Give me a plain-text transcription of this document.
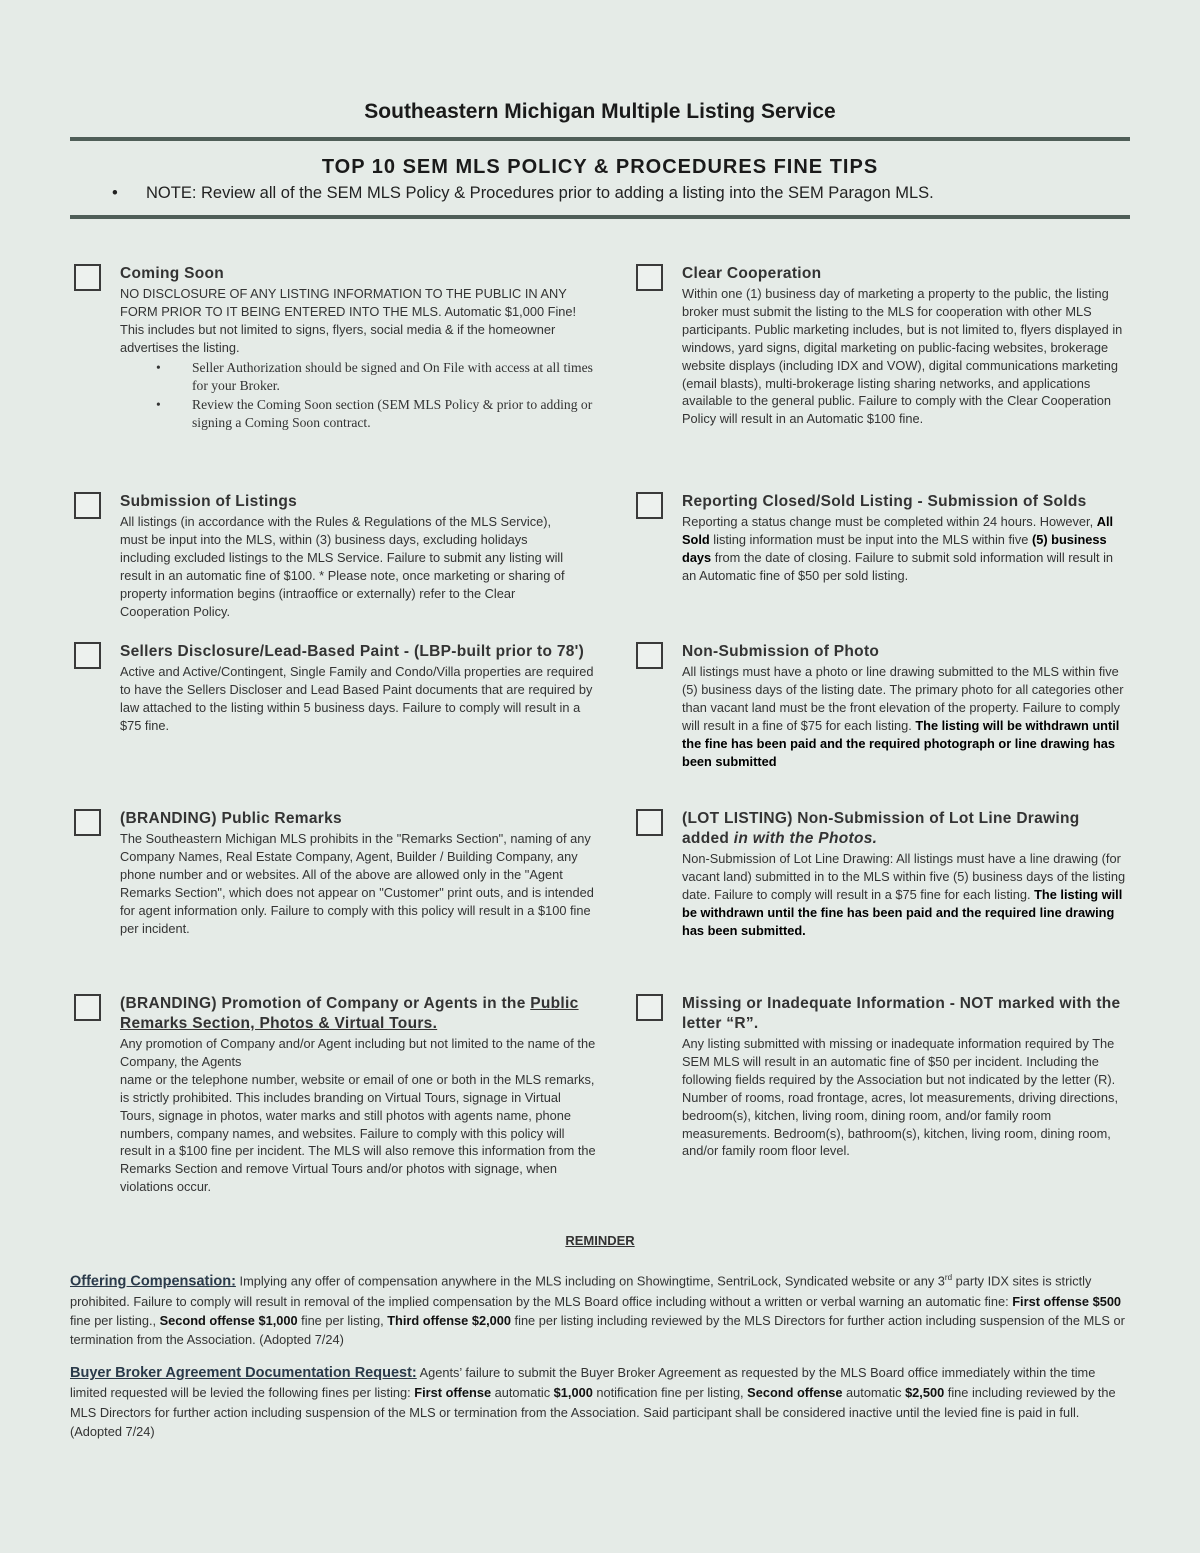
Southeastern Michigan Multiple Listing Service
TOP 10 SEM MLS POLICY & PROCEDURES FINE TIPS
• NOTE: Review all of the SEM MLS Policy & Procedures prior to adding a listing into the SEM Paragon MLS.
Coming Soon
NO DISCLOSURE OF ANY LISTING INFORMATION TO THE PUBLIC IN ANY FORM PRIOR TO IT BEING ENTERED INTO THE MLS. Automatic $1,000 Fine!
This includes but not limited to signs, flyers, social media & if the homeowner advertises the listing.
• Seller Authorization should be signed and On File with access at all times for your Broker.
• Review the Coming Soon section (SEM MLS Policy & prior to adding or signing a Coming Soon contract.
Clear Cooperation
Within one (1) business day of marketing a property to the public, the listing broker must submit the listing to the MLS for cooperation with other MLS participants. Public marketing includes, but is not limited to, flyers displayed in windows, yard signs, digital marketing on public-facing websites, brokerage website displays (including IDX and VOW), digital communications marketing (email blasts), multi-brokerage listing sharing networks, and applications available to the general public. Failure to comply with the Clear Cooperation Policy will result in an Automatic $100 fine.
Submission of Listings
All listings (in accordance with the Rules & Regulations of the MLS Service), must be input into the MLS, within (3) business days, excluding holidays including excluded listings to the MLS Service. Failure to submit any listing will result in an automatic fine of $100. * Please note, once marketing or sharing of property information begins (intraoffice or externally) refer to the Clear Cooperation Policy.
Reporting Closed/Sold Listing - Submission of Solds
Reporting a status change must be completed within 24 hours. However, All Sold listing information must be input into the MLS within five (5) business days from the date of closing. Failure to submit sold information will result in an Automatic fine of $50 per sold listing.
Sellers Disclosure/Lead-Based Paint - (LBP-built prior to 78')
Active and Active/Contingent, Single Family and Condo/Villa properties are required to have the Sellers Discloser and Lead Based Paint documents that are required by law attached to the listing within 5 business days. Failure to comply will result in a $75 fine.
Non-Submission of Photo
All listings must have a photo or line drawing submitted to the MLS within five (5) business days of the listing date. The primary photo for all categories other than vacant land must be the front elevation of the property. Failure to comply will result in a fine of $75 for each listing. The listing will be withdrawn until the fine has been paid and the required photograph or line drawing has been submitted
(BRANDING) Public Remarks
The Southeastern Michigan MLS prohibits in the "Remarks Section", naming of any Company Names, Real Estate Company, Agent, Builder / Building Company, any phone number and or websites. All of the above are allowed only in the "Agent Remarks Section", which does not appear on "Customer" print outs, and is intended for agent information only. Failure to comply with this policy will result in a $100 fine per incident.
(LOT LISTING) Non-Submission of Lot Line Drawing added in with the Photos.
Non-Submission of Lot Line Drawing: All listings must have a line drawing (for vacant land) submitted in to the MLS within five (5) business days of the listing date. Failure to comply will result in a $75 fine for each listing. The listing will be withdrawn until the fine has been paid and the required line drawing has been submitted.
(BRANDING) Promotion of Company or Agents in the Public Remarks Section, Photos & Virtual Tours.
Any promotion of Company and/or Agent including but not limited to the name of the Company, the Agents
name or the telephone number, website or email of one or both in the MLS remarks, is strictly prohibited. This includes branding on Virtual Tours, signage in Virtual Tours, signage in photos, water marks and still photos with agents name, phone numbers, company names, and websites. Failure to comply with this policy will result in a $100 fine per incident. The MLS will also remove this information from the Remarks Section and remove Virtual Tours and/or photos with signage, when violations occur.
Missing or Inadequate Information - NOT marked with the letter “R”.
Any listing submitted with missing or inadequate information required by The SEM MLS will result in an automatic fine of $50 per incident. Including the following fields required by the Association but not indicated by the letter (R). Number of rooms, road frontage, acres, lot measurements, driving directions, bedroom(s), kitchen, living room, dining room, and/or family room measurements. Bedroom(s), bathroom(s), kitchen, living room, dining room, and/or family room floor level.
REMINDER
Offering Compensation: Implying any offer of compensation anywhere in the MLS including on Showingtime, SentriLock, Syndicated website or any 3rd party IDX sites is strictly prohibited. Failure to comply will result in removal of the implied compensation by the MLS Board office including without a written or verbal warning an automatic fine: First offense $500 fine per listing., Second offense $1,000 fine per listing, Third offense $2,000 fine per listing including reviewed by the MLS Directors for further action including suspension of the MLS or termination from the Association. (Adopted 7/24)
Buyer Broker Agreement Documentation Request: Agents’ failure to submit the Buyer Broker Agreement as requested by the MLS Board office immediately within the time limited requested will be levied the following fines per listing: First offense automatic $1,000 notification fine per listing, Second offense automatic $2,500 fine including reviewed by the MLS Directors for further action including suspension of the MLS or termination from the Association. Said participant shall be considered inactive until the levied fine is paid in full. (Adopted 7/24)
